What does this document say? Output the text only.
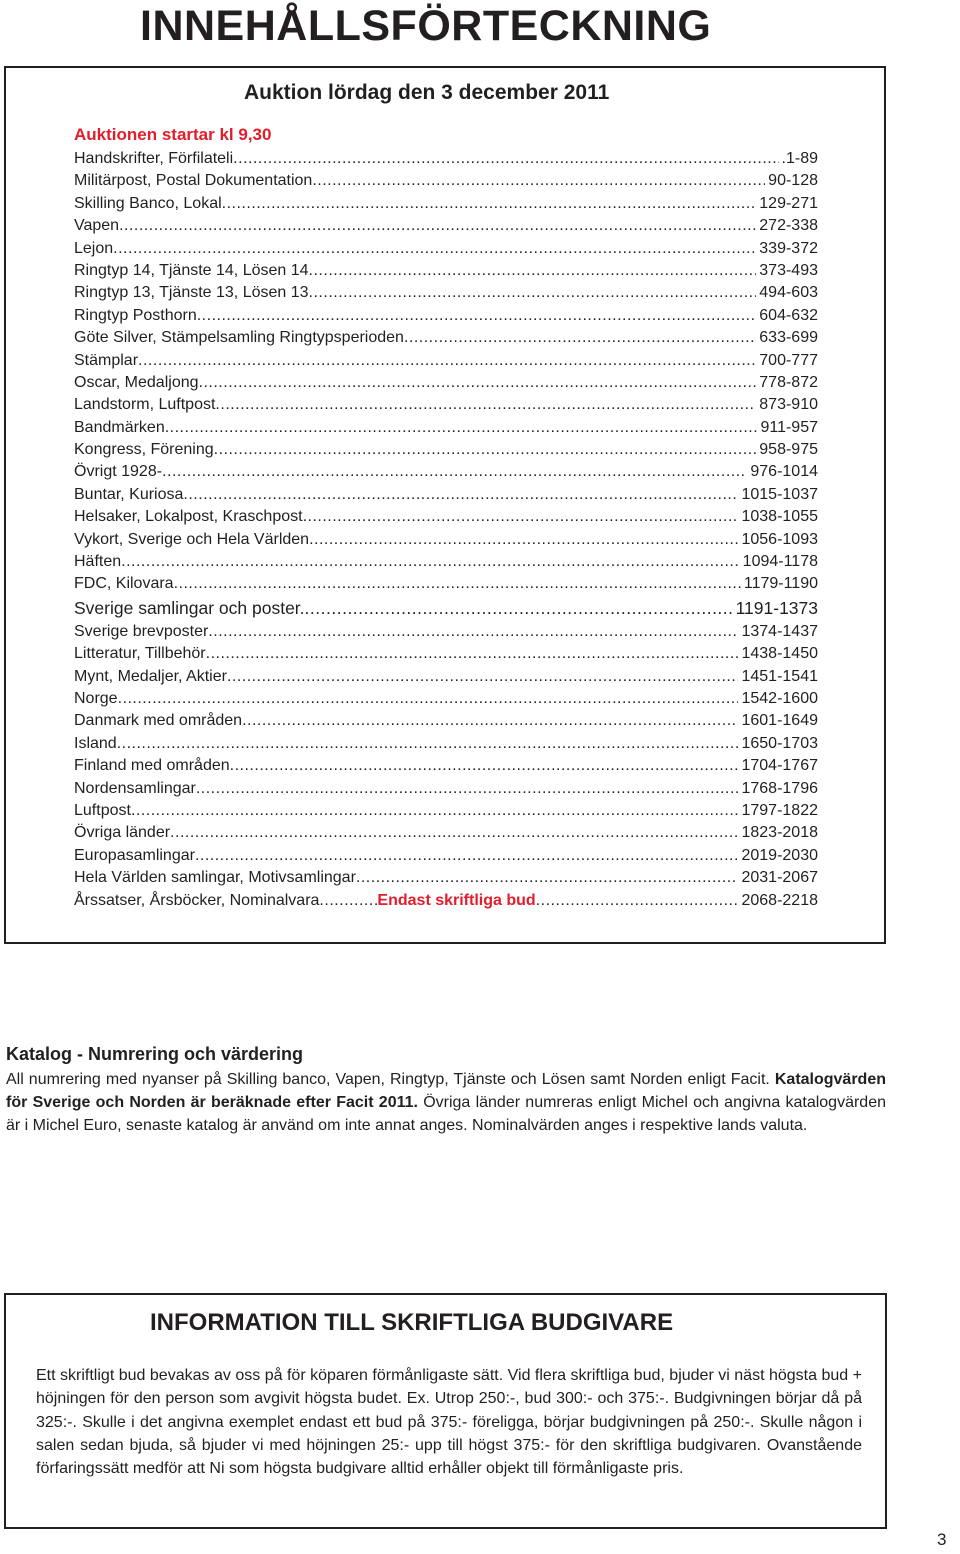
INNEHÅLLSFÖRTECKNING
Auktion lördag den 3 december 2011
Auktionen startar kl 9,30
Handskrifter, Förfilateli .....	.1-89
Militärpost, Postal Dokumentation .....	90-128
Skilling Banco, Lokal .....	129-271
Vapen .....	272-338
Lejon .....	339-372
Ringtyp 14, Tjänste 14, Lösen 14 .....	373-493
Ringtyp 13, Tjänste 13, Lösen 13 .....	494-603
Ringtyp Posthorn .....	604-632
Göte Silver, Stämpelsamling Ringtypsperioden .....	633-699
Stämplar .....	700-777
Oscar, Medaljong .....	778-872
Landstorm, Luftpost .....	873-910
Bandmärken .....	911-957
Kongress, Förening .....	958-975
Övrigt 1928- .....	976-1014
Buntar, Kuriosa .....	1015-1037
Helsaker, Lokalpost, Kraschpost .....	1038-1055
Vykort, Sverige och Hela Världen .....	1056-1093
Häften .....	1094-1178
FDC, Kilovara .....	1179-1190
Sverige samlingar och poster. .....	1191-1373
Sverige brevposter .....	1374-1437
Litteratur, Tillbehör .....	1438-1450
Mynt, Medaljer, Aktier .....	1451-1541
Norge .....	1542-1600
Danmark med områden .....	1601-1649
Island .....	1650-1703
Finland med områden .....	1704-1767
Nordensamlingar .....	1768-1796
Luftpost .....	1797-1822
Övriga länder .....	1823-2018
Europasamlingar .....	2019-2030
Hela Världen samlingar, Motivsamlingar .....	2031-2067
Årssatser, Årsböcker, Nominalvara .....	Endast skriftliga bud .....	2068-2218
Katalog - Numrering och värdering

All numrering med nyanser på Skilling banco, Vapen, Ringtyp, Tjänste och Lösen samt Norden enligt Facit. Katalogvärden för Sverige och Norden är beräknade efter Facit 2011. Övriga länder numreras enligt Michel och angivna katalogvärden är i Michel Euro, senaste katalog är använd om inte annat anges. Nominalvärden anges i respektive lands valuta.

INFORMATION TILL SKRIFTLIGA BUDGIVARE

Ett skriftligt bud bevakas av oss på för köparen förmånligaste sätt. Vid flera skriftliga bud, bjuder vi näst högsta bud + höjningen för den person som avgivit högsta budet. Ex. Utrop 250:-, bud 300:- och 375:-. Budgivningen börjar då på 325:-. Skulle i det angivna exemplet endast ett bud på 375:- föreligga, börjar budgivningen på 250:-. Skulle någon i salen sedan bjuda, så bjuder vi med höjningen 25:- upp till högst 375:- för den skriftliga budgivaren. Ovanstående förfaringssätt medför att Ni som högsta budgivare alltid erhåller objekt till förmånligaste pris.

3
